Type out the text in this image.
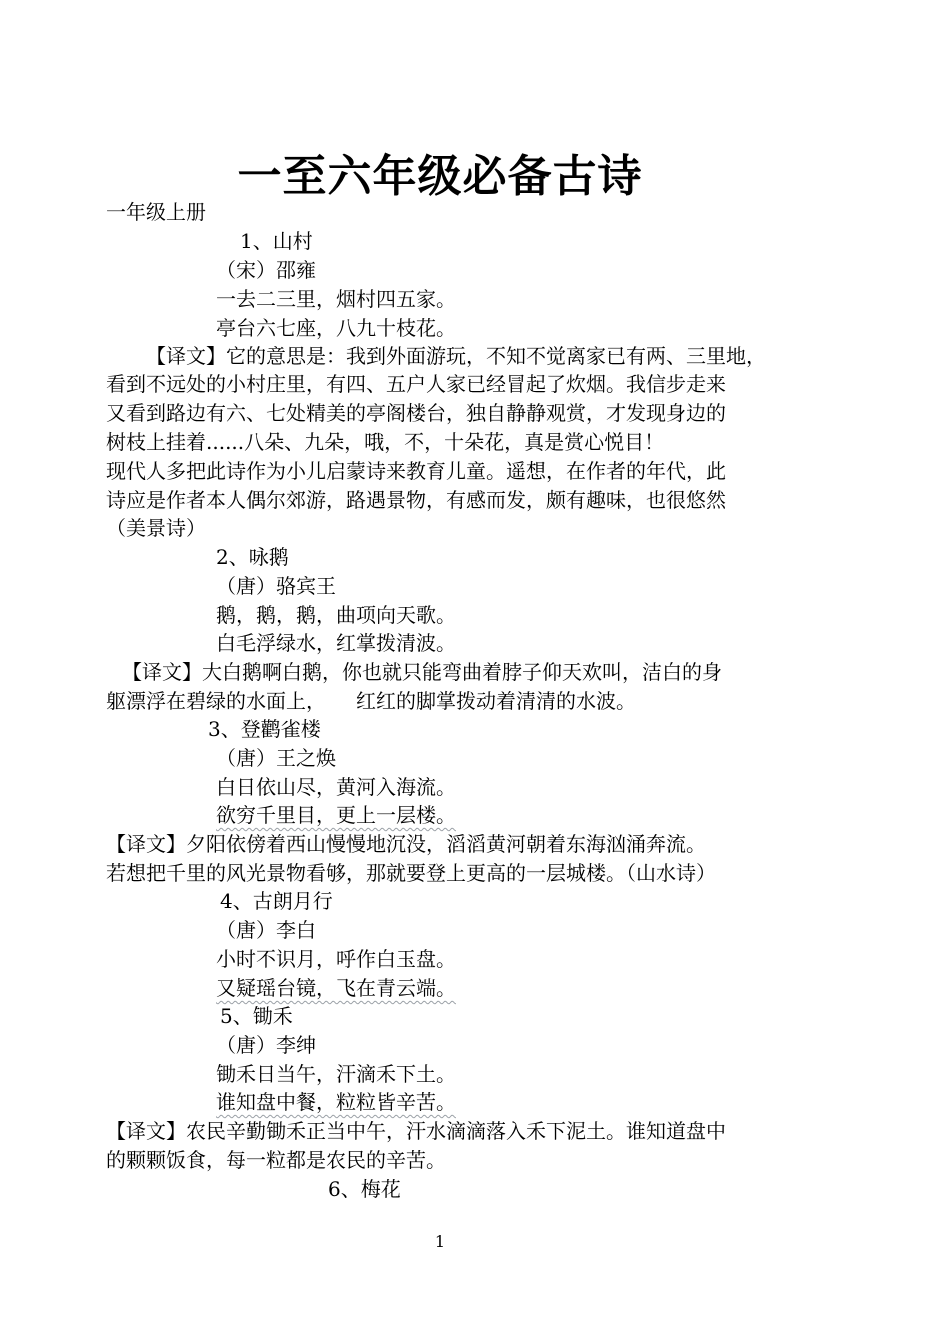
一至六年级必备古诗
一年级上册
1、山村
（宋）邵雍
一去二三里，烟村四五家。
亭台六七座，八九十枝花。
【译文】它的意思是：我到外面游玩，不知不觉离家已有两、三里地，
看到不远处的小村庄里，有四、五户人家已经冒起了炊烟。我信步走来
又看到路边有六、七处精美的亭阁楼台，独自静静观赏，才发现身边的
树枝上挂着......八朵、九朵，哦，不，十朵花，真是赏心悦目！
现代人多把此诗作为小儿启蒙诗来教育儿童。遥想，在作者的年代，此
诗应是作者本人偶尔郊游，路遇景物，有感而发，颇有趣味，也很悠然
（美景诗）
2、咏鹅
（唐）骆宾王
鹅，鹅，鹅，曲项向天歌。
白毛浮绿水，红掌拨清波。
【译文】大白鹅啊白鹅，你也就只能弯曲着脖子仰天欢叫，洁白的身
躯漂浮在碧绿的水面上，　　红红的脚掌拨动着清清的水波。
3、登鹳雀楼
（唐）王之焕
白日依山尽，黄河入海流。
欲穷千里目，更上一层楼。
【译文】夕阳依傍着西山慢慢地沉没，滔滔黄河朝着东海汹涌奔流。
若想把千里的风光景物看够，那就要登上更高的一层城楼。（山水诗）
4、古朗月行
（唐）李白
小时不识月，呼作白玉盘。
又疑瑶台镜，飞在青云端。
5、锄禾
（唐）李绅
锄禾日当午，汗滴禾下土。
谁知盘中餐，粒粒皆辛苦。
【译文】农民辛勤锄禾正当中午，汗水滴滴落入禾下泥土。谁知道盘中
的颗颗饭食，每一粒都是农民的辛苦。
6、梅花
1
